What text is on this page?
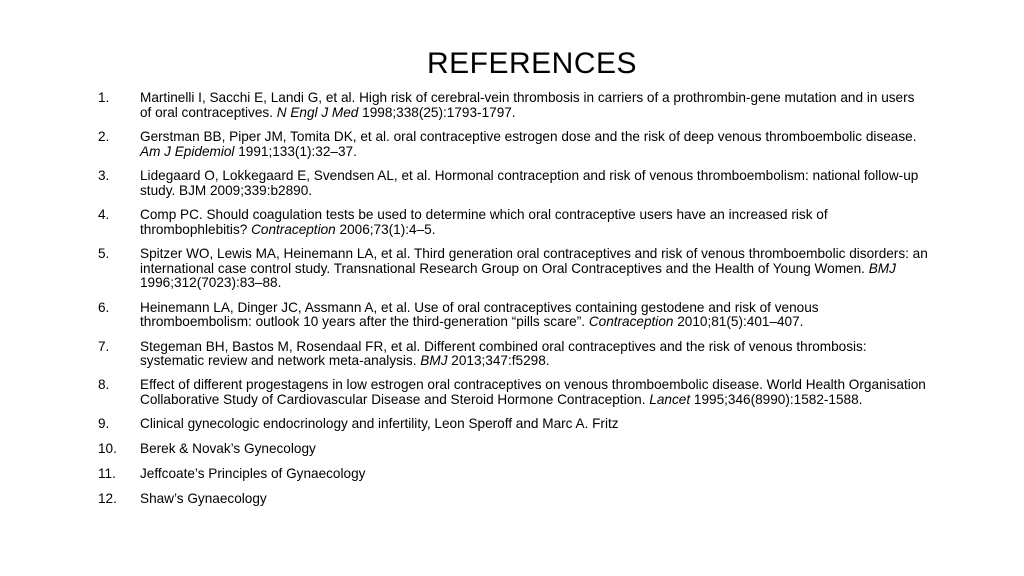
REFERENCES
1.	Martinelli I, Sacchi E, Landi G, et al. High risk of cerebral-vein thrombosis in carriers of a prothrombin-gene mutation and in users of oral contraceptives. N Engl J Med 1998;338(25):1793-1797.
2.	Gerstman BB, Piper JM, Tomita DK, et al. oral contraceptive estrogen dose and the risk of deep venous thromboembolic disease. Am J Epidemiol 1991;133(1):32–37.
3.	Lidegaard O, Lokkegaard E, Svendsen AL, et al. Hormonal contraception and risk of venous thromboembolism: national follow-up study. BJM 2009;339:b2890.
4.	Comp PC. Should coagulation tests be used to determine which oral contraceptive users have an increased risk of thrombophlebitis? Contraception 2006;73(1):4–5.
5.	Spitzer WO, Lewis MA, Heinemann LA, et al. Third generation oral contraceptives and risk of venous thromboembolic disorders: an international case control study. Transnational Research Group on Oral Contraceptives and the Health of Young Women. BMJ 1996;312(7023):83–88.
6.	Heinemann LA, Dinger JC, Assmann A, et al. Use of oral contraceptives containing gestodene and risk of venous thromboembolism: outlook 10 years after the third-generation “pills scare”. Contraception 2010;81(5):401–407.
7.	Stegeman BH, Bastos M, Rosendaal FR, et al. Different combined oral contraceptives and the risk of venous thrombosis: systematic review and network meta-analysis. BMJ 2013;347:f5298.
8.	Effect of different progestagens in low estrogen oral contraceptives on venous thromboembolic disease. World Health Organisation Collaborative Study of Cardiovascular Disease and Steroid Hormone Contraception. Lancet 1995;346(8990):1582-1588.
9.	Clinical gynecologic endocrinology and infertility, Leon Speroff and Marc A. Fritz
10.	Berek & Novak’s Gynecology
11.	Jeffcoate’s Principles of Gynaecology
12.	Shaw’s Gynaecology
